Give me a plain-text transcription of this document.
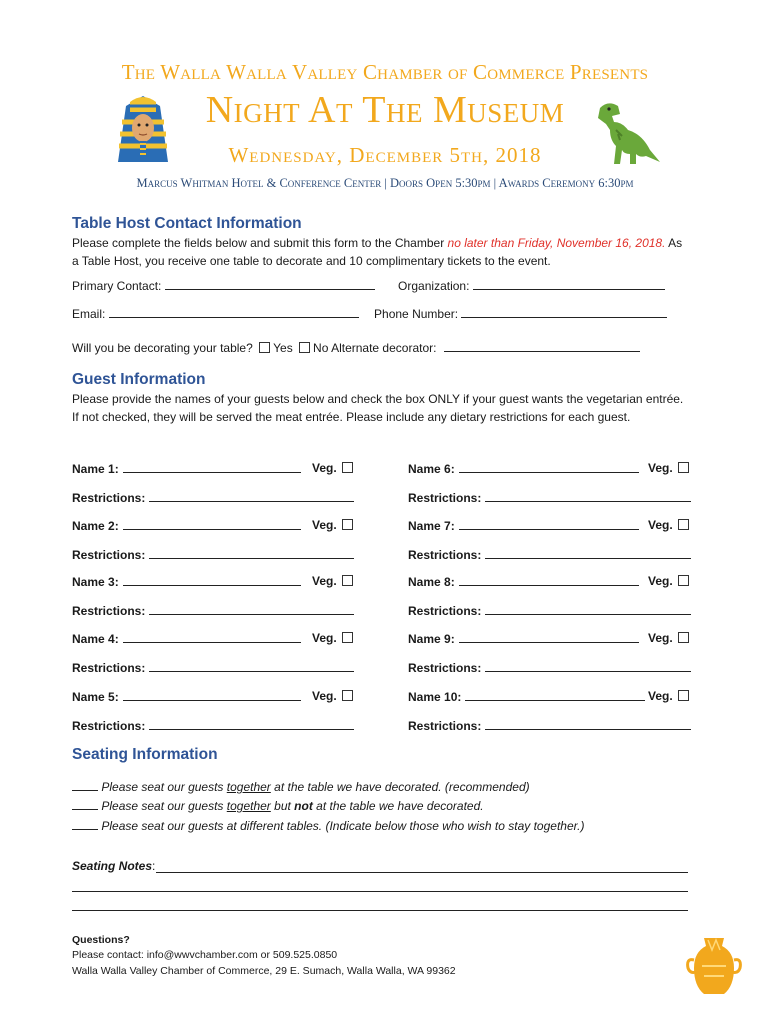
The Walla Walla Valley Chamber of Commerce Presents
Night At The Museum
Wednesday, December 5th, 2018
Marcus Whitman Hotel & Conference Center | Doors Open 5:30pm | Awards Ceremony 6:30pm
Table Host Contact Information
Please complete the fields below and submit this form to the Chamber no later than Friday, November 16, 2018. As a Table Host, you receive one table to decorate and 10 complimentary tickets to the event.
Primary Contact:	Organization:
Email:	Phone Number:
Will you be decorating your table? Yes No Alternate decorator:
Guest Information
Please provide the names of your guests below and check the box ONLY if your guest wants the vegetarian entrée. If not checked, they will be served the meat entrée. Please include any dietary restrictions for each guest.
Name 1:	Veg.
Restrictions:
Name 2:	Veg.
Restrictions:
Name 3:	Veg.
Restrictions:
Name 4:	Veg.
Restrictions:
Name 5:	Veg.
Restrictions:
Name 6:	Veg.
Restrictions:
Name 7:	Veg.
Restrictions:
Name 8:	Veg.
Restrictions:
Name 9:	Veg.
Restrictions:
Name 10:	Veg.
Restrictions:
Seating Information
Please seat our guests together at the table we have decorated. (recommended)
Please seat our guests together but not at the table we have decorated.
Please seat our guests at different tables. (Indicate below those who wish to stay together.)
Seating Notes:
Questions?
Please contact: info@wwvchamber.com or 509.525.0850
Walla Walla Valley Chamber of Commerce, 29 E. Sumach, Walla Walla, WA 99362
